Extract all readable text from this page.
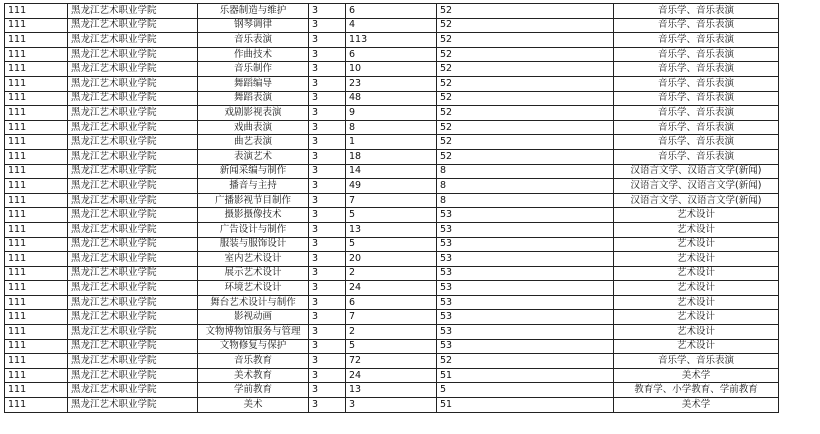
111	黑龙江艺术职业学院	乐器制造与维护	3	6	52	音乐学、音乐表演
111	黑龙江艺术职业学院	钢琴调律	3	4	52	音乐学、音乐表演
111	黑龙江艺术职业学院	音乐表演	3	113	52	音乐学、音乐表演
111	黑龙江艺术职业学院	作曲技术	3	6	52	音乐学、音乐表演
111	黑龙江艺术职业学院	音乐制作	3	10	52	音乐学、音乐表演
111	黑龙江艺术职业学院	舞蹈编导	3	23	52	音乐学、音乐表演
111	黑龙江艺术职业学院	舞蹈表演	3	48	52	音乐学、音乐表演
111	黑龙江艺术职业学院	戏剧影视表演	3	9	52	音乐学、音乐表演
111	黑龙江艺术职业学院	戏曲表演	3	8	52	音乐学、音乐表演
111	黑龙江艺术职业学院	曲艺表演	3	1	52	音乐学、音乐表演
111	黑龙江艺术职业学院	表演艺术	3	18	52	音乐学、音乐表演
111	黑龙江艺术职业学院	新闻采编与制作	3	14	8	汉语言文学、汉语言文学(新闻)
111	黑龙江艺术职业学院	播音与主持	3	49	8	汉语言文学、汉语言文学(新闻)
111	黑龙江艺术职业学院	广播影视节目制作	3	7	8	汉语言文学、汉语言文学(新闻)
111	黑龙江艺术职业学院	摄影摄像技术	3	5	53	艺术设计
111	黑龙江艺术职业学院	广告设计与制作	3	13	53	艺术设计
111	黑龙江艺术职业学院	服装与服饰设计	3	5	53	艺术设计
111	黑龙江艺术职业学院	室内艺术设计	3	20	53	艺术设计
111	黑龙江艺术职业学院	展示艺术设计	3	2	53	艺术设计
111	黑龙江艺术职业学院	环境艺术设计	3	24	53	艺术设计
111	黑龙江艺术职业学院	舞台艺术设计与制作	3	6	53	艺术设计
111	黑龙江艺术职业学院	影视动画	3	7	53	艺术设计
111	黑龙江艺术职业学院	文物博物馆服务与管理	3	2	53	艺术设计
111	黑龙江艺术职业学院	文物修复与保护	3	5	53	艺术设计
111	黑龙江艺术职业学院	音乐教育	3	72	52	音乐学、音乐表演
111	黑龙江艺术职业学院	美术教育	3	24	51	美术学
111	黑龙江艺术职业学院	学前教育	3	13	5	教育学、小学教育、学前教育
111	黑龙江艺术职业学院	美术	3	3	51	美术学
